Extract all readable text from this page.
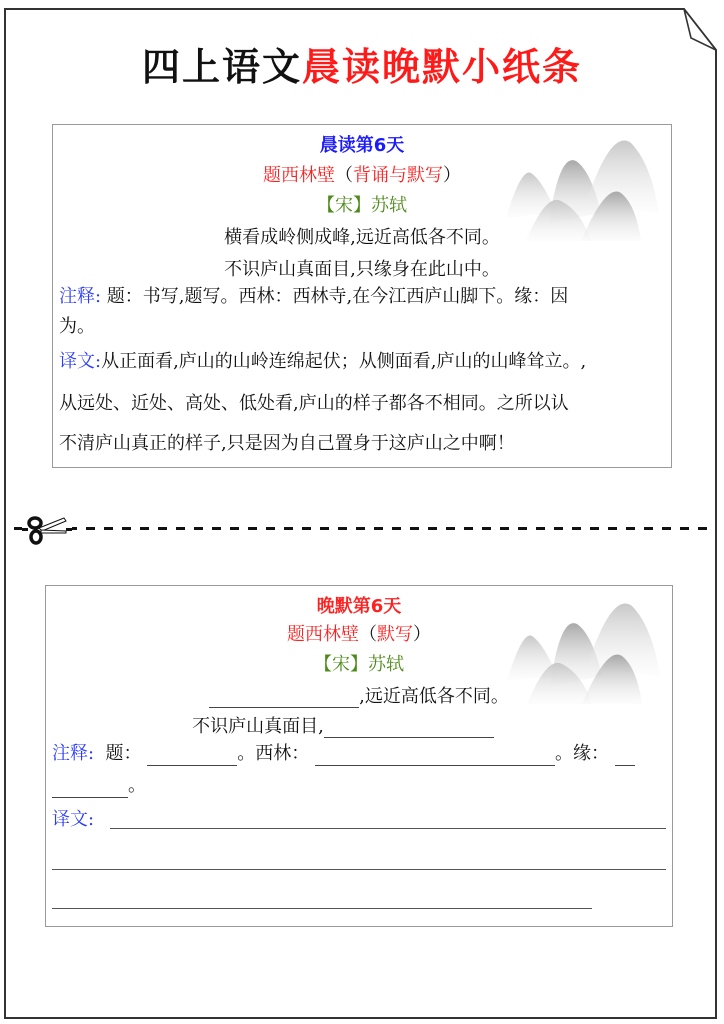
四上语文晨读晚默小纸条
晨读第6天
题西林壁（背诵与默写）
【宋】苏轼
横看成岭侧成峰,远近高低各不同。
不识庐山真面目,只缘身在此山中。
注释: 题：书写,题写。西林：西林寺,在今江西庐山脚下。缘：因
为。
译文:从正面看,庐山的山岭连绵起伏；从侧面看,庐山的山峰耸立。,
从远处、近处、高处、低处看,庐山的样子都各不相同。之所以认
不清庐山真正的样子,只是因为自己置身于这庐山之中啊！
晚默第6天
题西林壁（默写）
【宋】苏轼
,远近高低各不同。
不识庐山真面目,
注释: 题：	。西林：	。缘：
。
译文:
